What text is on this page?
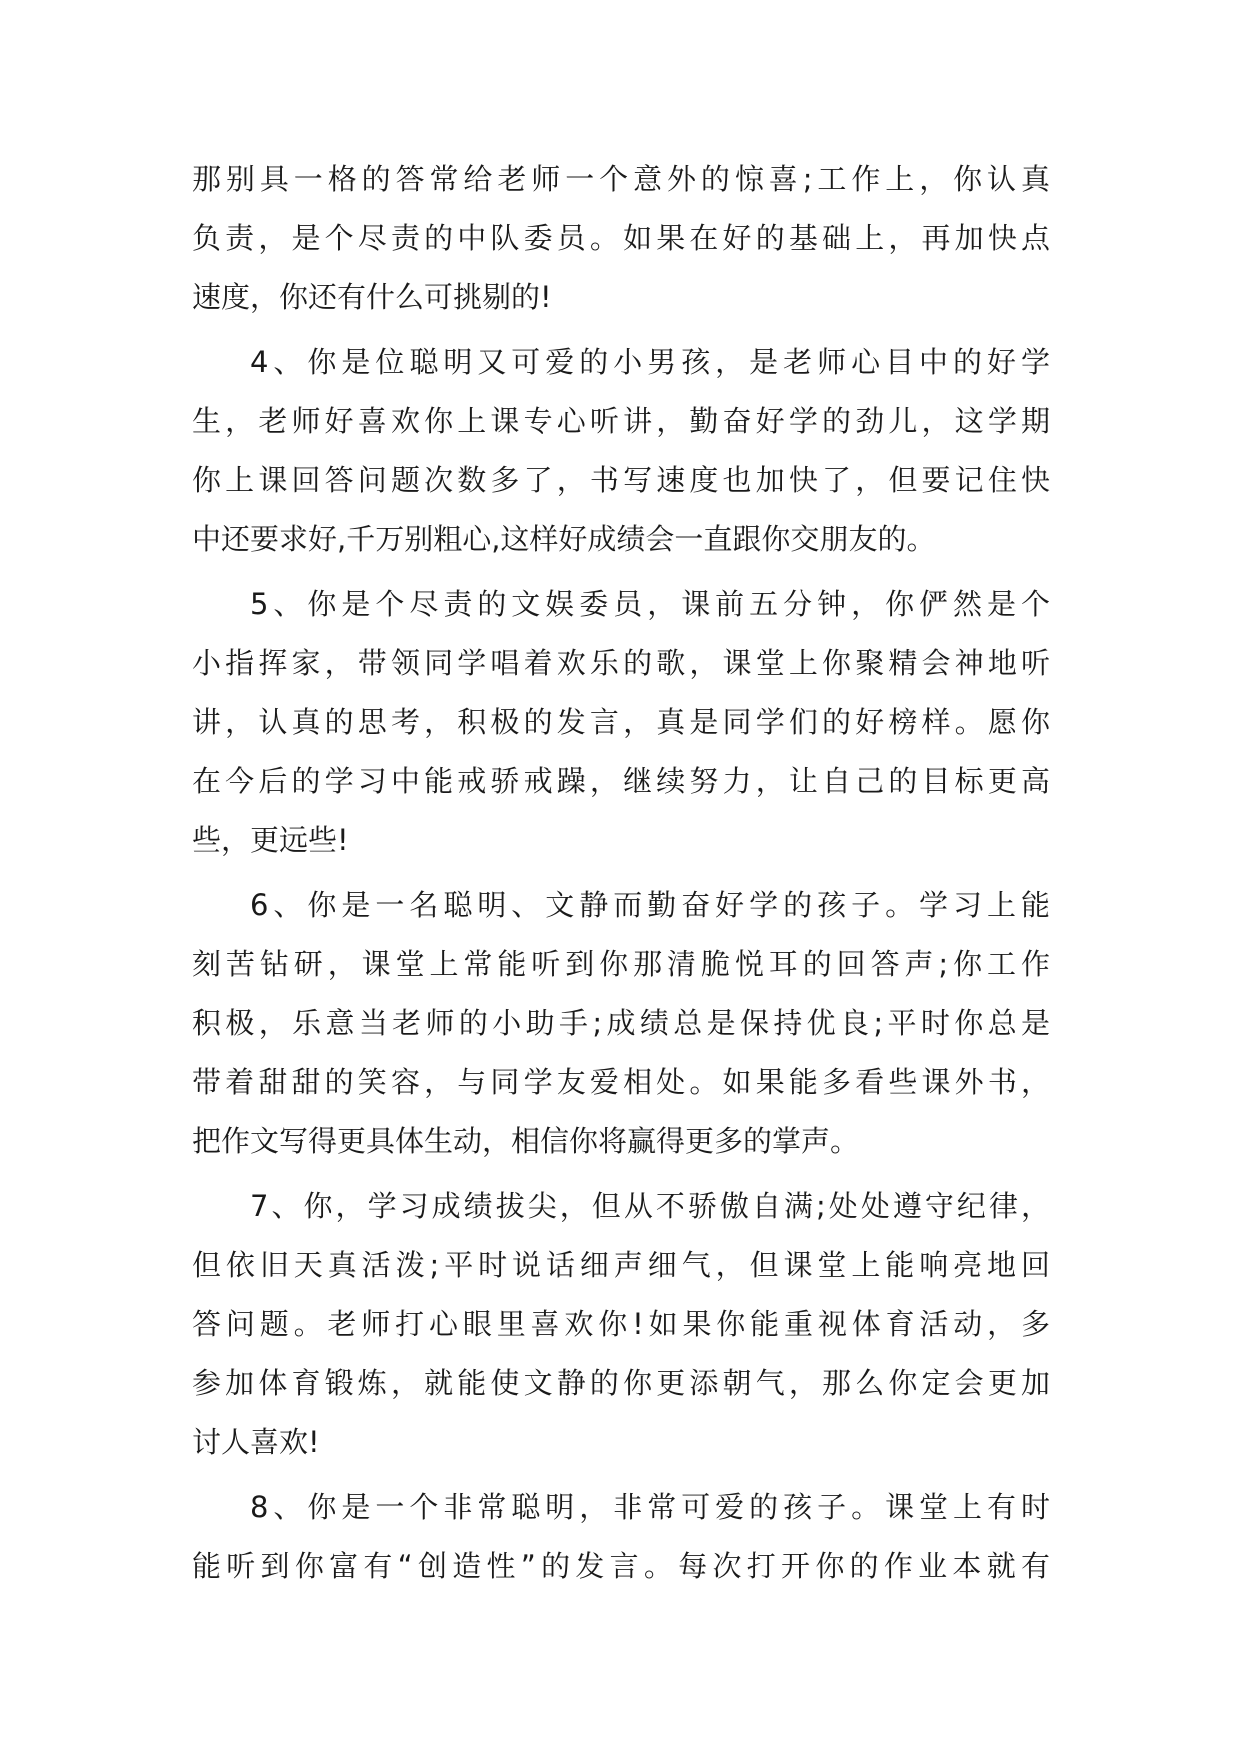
那别具一格的答常给老师一个意外的惊喜;工作上，你认真
负责，是个尽责的中队委员。如果在好的基础上，再加快点
速度，你还有什么可挑剔的!
4、你是位聪明又可爱的小男孩，是老师心目中的好学
生，老师好喜欢你上课专心听讲，勤奋好学的劲儿，这学期
你上课回答问题次数多了，书写速度也加快了，但要记住快
中还要求好,千万别粗心,这样好成绩会一直跟你交朋友的。
5、你是个尽责的文娱委员，课前五分钟，你俨然是个
小指挥家，带领同学唱着欢乐的歌，课堂上你聚精会神地听
讲，认真的思考，积极的发言，真是同学们的好榜样。愿你
在今后的学习中能戒骄戒躁，继续努力，让自己的目标更高
些，更远些!
6、你是一名聪明、文静而勤奋好学的孩子。学习上能
刻苦钻研，课堂上常能听到你那清脆悦耳的回答声;你工作
积极，乐意当老师的小助手;成绩总是保持优良;平时你总是
带着甜甜的笑容，与同学友爱相处。如果能多看些课外书，
把作文写得更具体生动，相信你将赢得更多的掌声。
7、你，学习成绩拔尖，但从不骄傲自满;处处遵守纪律，
但依旧天真活泼;平时说话细声细气，但课堂上能响亮地回
答问题。老师打心眼里喜欢你!如果你能重视体育活动，多
参加体育锻炼，就能使文静的你更添朝气，那么你定会更加
讨人喜欢!
8、你是一个非常聪明，非常可爱的孩子。课堂上有时
能听到你富有“创造性”的发言。每次打开你的作业本就有
